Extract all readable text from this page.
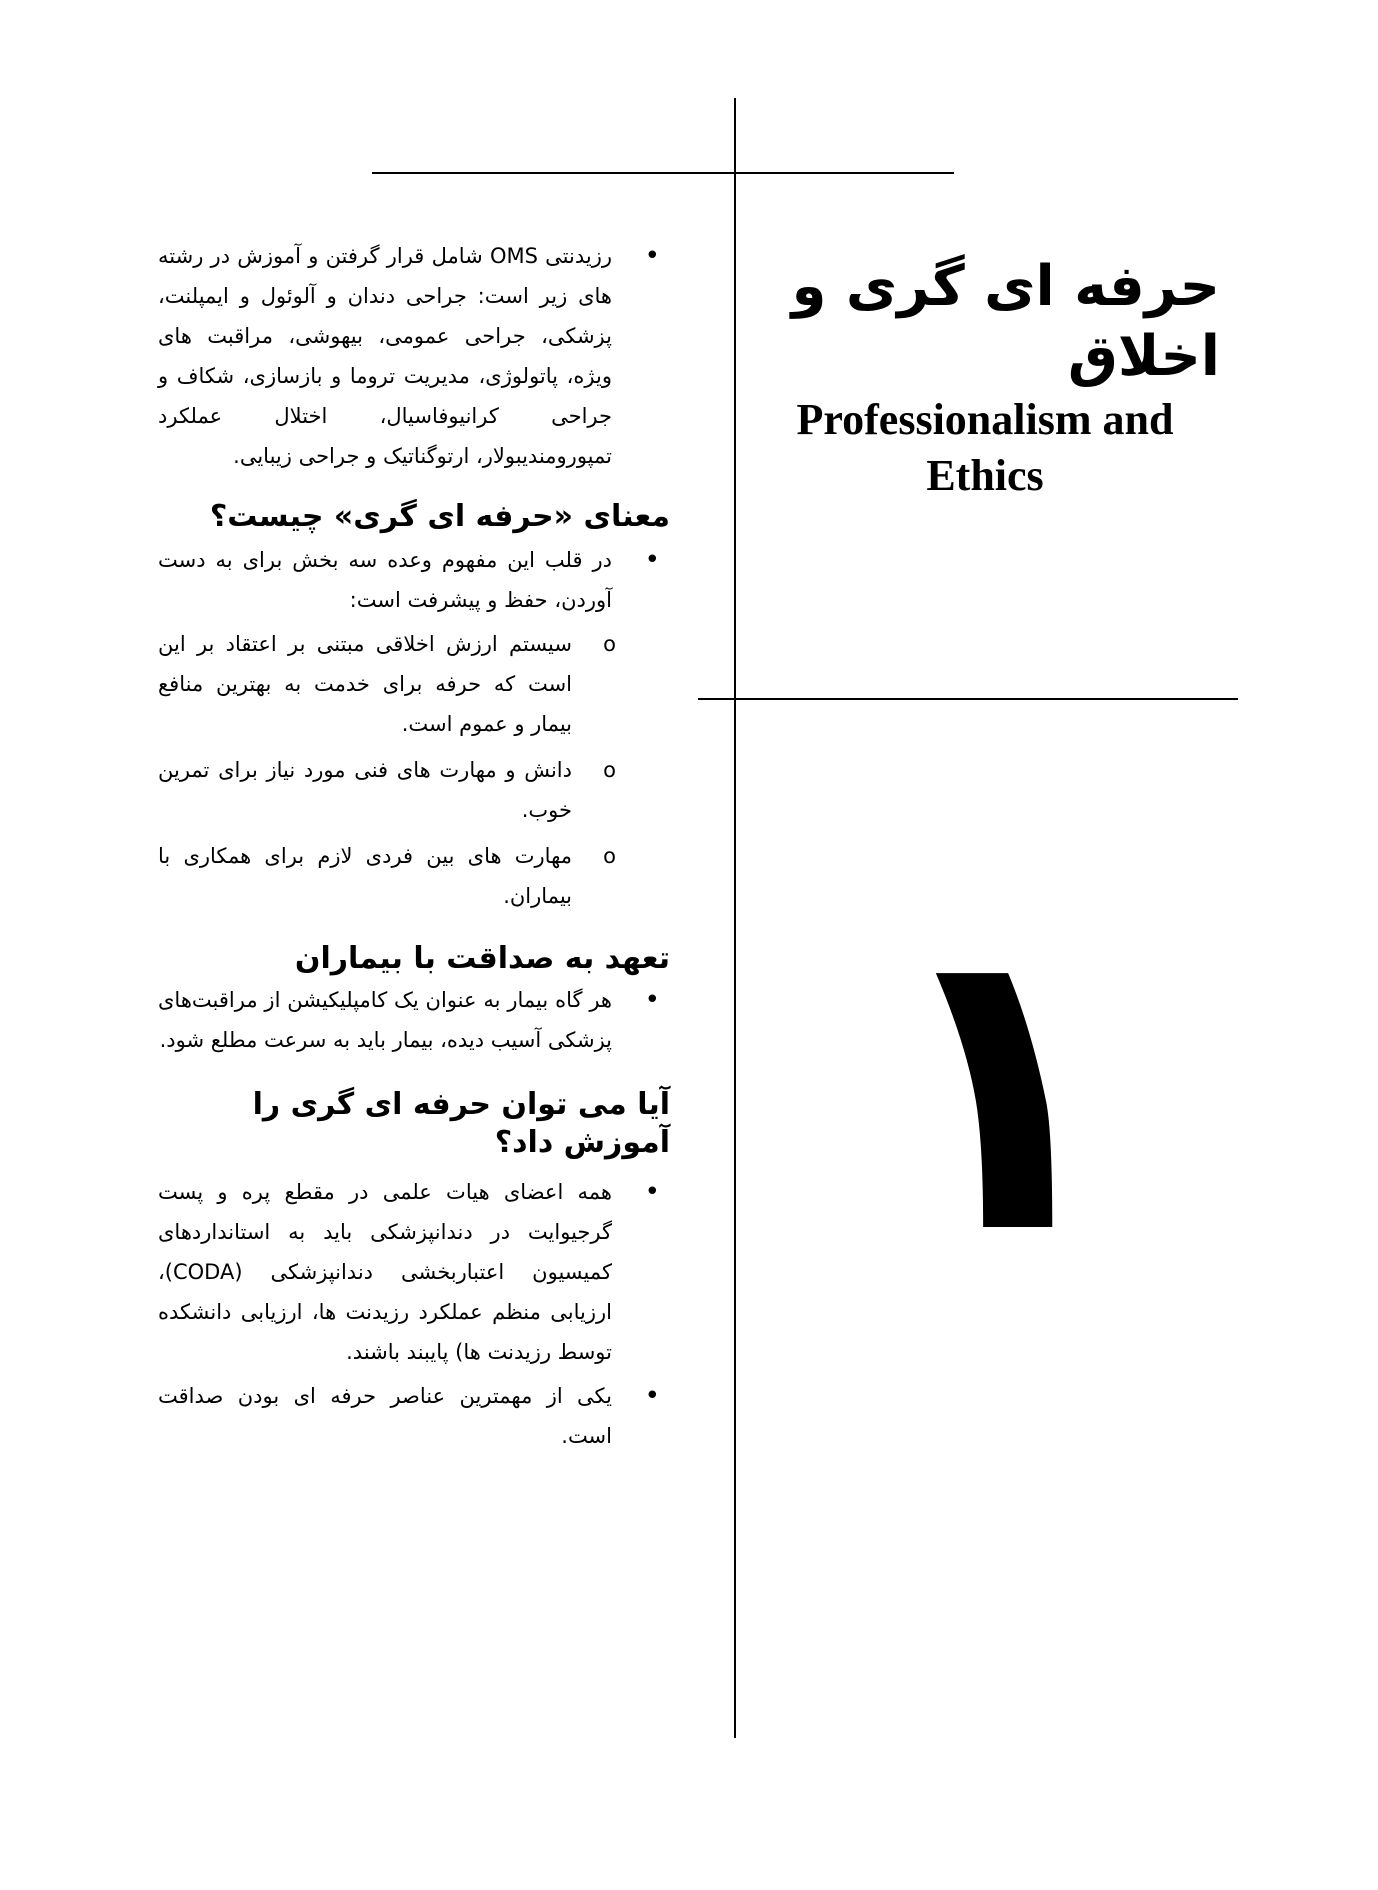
حرفه ای گری و اخلاق
Professionalism and
Ethics
۱
• رزیدنتی OMS شامل قرار گرفتن و آموزش در رشته های زیر است: جراحی دندان و آلوئول و ایمپلنت، پزشکی، جراحی عمومی، بیهوشی، مراقبت های ویژه، پاتولوژی، مدیریت تروما و بازسازی، شکاف و جراحی کرانیوفاسیال، اختلال عملکرد تمپورومندیبولار، ارتوگناتیک و جراحی زیبایی.
معنای «حرفه ای گری» چیست؟
• در قلب این مفهوم وعده سه بخش برای به دست آوردن، حفظ و پیشرفت است:
o سیستم ارزش اخلاقی مبتنی بر اعتقاد بر این است که حرفه برای خدمت به بهترین منافع بیمار و عموم است.
o دانش و مهارت های فنی مورد نیاز برای تمرین خوب.
o مهارت های بین فردی لازم برای همکاری با بیماران.
تعهد به صداقت با بیماران
• هر گاه بیمار به عنوان یک کامپلیکیشن از مراقبت‌های پزشکی آسیب دیده، بیمار باید به سرعت مطلع شود.
آیا می توان حرفه ای گری را آموزش داد؟
• همه اعضای هیات علمی در مقطع پره و پست گرجیوایت در دندانپزشکی باید به استانداردهای کمیسیون اعتباربخشی دندانپزشکی (CODA)، ارزیابی منظم عملکرد رزیدنت ها، ارزیابی دانشکده توسط رزیدنت ها) پایبند باشند.
• یکی از مهمترین عناصر حرفه ای بودن صداقت است.
